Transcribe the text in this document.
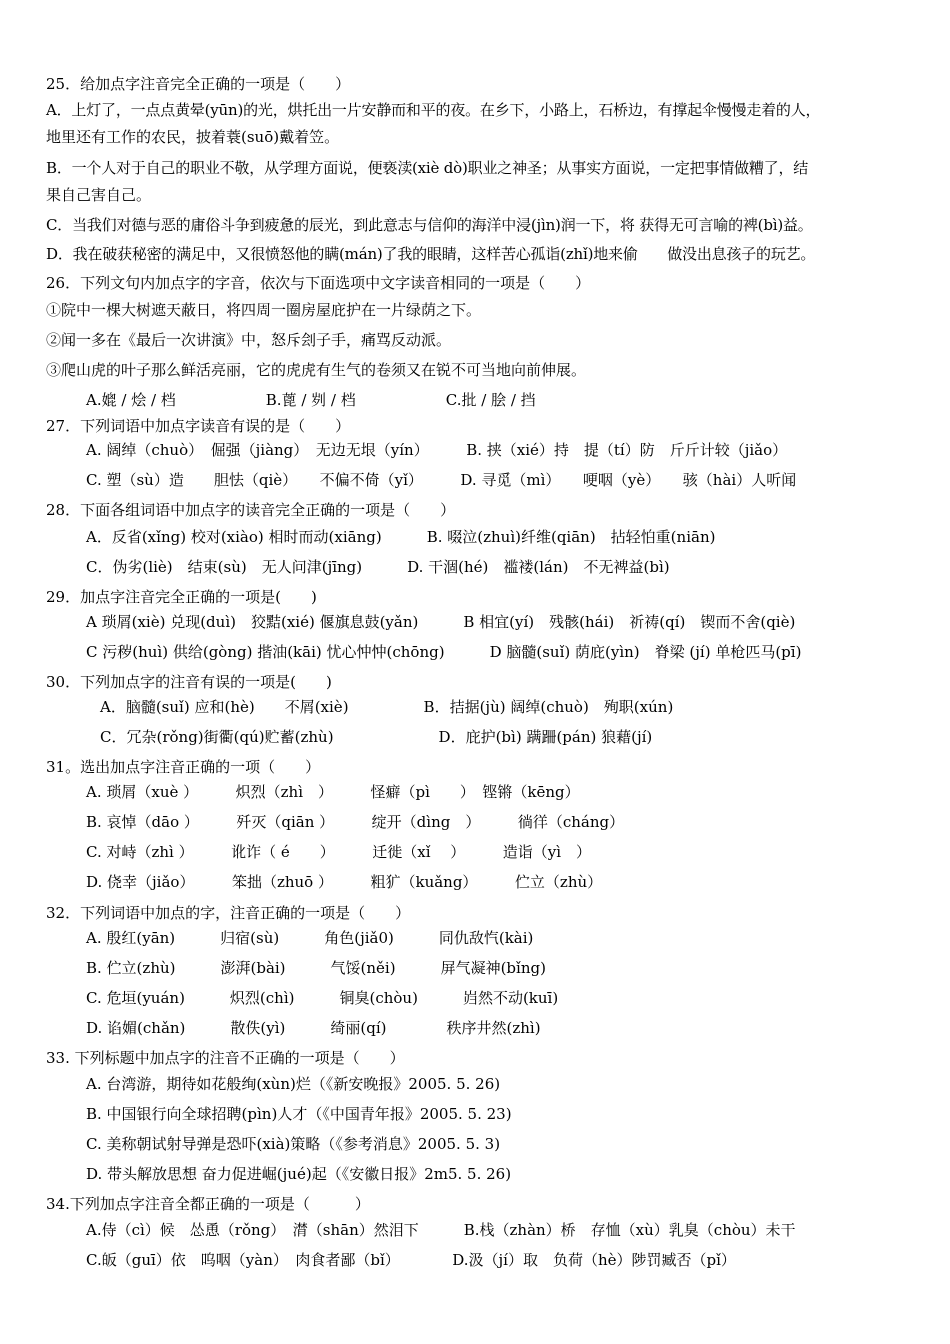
25．给加点字注音完全正确的一项是（　　）
A．上灯了，一点点黄晕(yūn)的光，烘托出一片安静而和平的夜。在乡下，小路上，石桥边，有撑起伞慢慢走着的人，
地里还有工作的农民，披着蓑(suō)戴着笠。
B．一个人对于自己的职业不敬，从学理方面说，便亵渎(xiè dò)职业之神圣；从事实方面说，一定把事情做糟了，结
果自己害自己。
C．当我们对德与恶的庸俗斗争到疲惫的辰光，到此意志与信仰的海洋中浸(jìn)润一下，将 获得无可言喻的裨(bì)益。
D．我在破获秘密的满足中，又很愤怒他的瞒(mán)了我的眼睛，这样苦心孤诣(zhǐ)地来偷　　做没出息孩子的玩艺。
26．下列文句内加点字的字音，依次与下面选项中文字读音相同的一项是（　　）
①院中一棵大树遮天蔽日，将四周一圈房屋庇护在一片绿荫之下。
②闻一多在《最后一次讲演》中，怒斥刽子手，痛骂反动派。
③爬山虎的叶子那么鲜活亮丽，它的虎虎有生气的卷须又在锐不可当地向前伸展。
A.媲 / 烩 / 档　　　　　　B.蓖 / 刿 / 档　　　　　　C.批 / 脍 / 挡
27．下列词语中加点字读音有误的是（　　）
A. 阔绰（chuò）　倔强（jiàng）　无边无垠（yín）　　　B. 挟（xié）持　提（tí）防　斤斤计较（jiǎo）
C. 塑（sù）造　　胆怯（qiè）　　不偏不倚（yǐ）　　　D. 寻觅（mì）　　哽咽（yè）　　骇（hài）人听闻
28．下面各组词语中加点字的读音完全正确的一项是（　　）
A．反省(xǐng) 校对(xiào) 相时而动(xiāng)　　　B. 啜泣(zhuì)纤维(qiān)　拈轻怕重(niān)
C．伪劣(liè)　结束(sù)　无人问津(jīng)　　　D. 干涸(hé)　褴褛(lán)　不无裨益(bì)
29．加点字注音完全正确的一项是(　　)
A 琐屑(xiè) 兑现(duì)　狡黠(xié) 偃旗息鼓(yǎn)　　　B 相宜(yí)　残骸(hái)　祈祷(qí)　锲而不舍(qiè)
C 污秽(huì) 供给(gòng) 揩油(kāi) 忧心忡忡(chōng)　　　D 脑髓(suǐ) 荫庇(yìn)　脊梁 (jí) 单枪匹马(pī)
30．下列加点字的注音有误的一项是(　　)
A．脑髓(suǐ) 应和(hè)　　不屑(xiè)　　　　　B．拮据(jù) 阔绰(chuò)　殉职(xún)
C．冗杂(rǒng)街衢(qú)贮蓄(zhù)　　　　　　　D．庇护(bì) 蹒跚(pán) 狼藉(jí)
31。选出加点字注音正确的一项（　　）
A. 琐屑（xuè ）　　　炽烈（zhì　）　　　怪癖（pì　　）　铿锵（kēng）
B. 哀悼（dāo ）　　　歼灭（qiān ）　　　绽开（dìng　）　　　徜徉（cháng）
C. 对峙（zhì ）　　　讹诈（ é　　）　　　迁徙（xǐ　 ）　　　造诣（yì　）
D. 侥幸（jiǎo）　　　笨拙（zhuō ）　　　粗犷（kuǎng）　　　伫立（zhù）
32．下列词语中加点的字，注音正确的一项是（　　）
A. 殷红(yān)　　　归宿(sù)　　　角色(jiǎ0)　　　同仇敌忾(kài)
B. 伫立(zhù)　　　澎湃(bài)　　　气馁(něi)　　　屏气凝神(bǐng)
C. 危垣(yuán)　　　炽烈(chì)　　　铜臭(chòu)　　　岿然不动(kuī)
D. 谄媚(chǎn)　　　散佚(yì)　　　绮丽(qí)　　　　秩序井然(zhì)
33. 下列标题中加点字的注音不正确的一项是（　　）
A. 台湾游，期待如花般绚(xùn)烂（《新安晚报》2005. 5. 26)
B. 中国银行向全球招聘(pìn)人才（《中国青年报》2005. 5. 23)
C. 美称朝试射导弹是恐吓(xià)策略（《参考消息》2005. 5. 3)
D. 带头解放思想 奋力促进崛(jué)起（《安徽日报》2m5. 5. 26)
34.下列加点字注音全都正确的一项是（　　　）
A.侍（cì）候　怂恿（rǒng）　潸（shān）然泪下　　　B.栈（zhàn）桥　存恤（xù）乳臭（chòu）未干
C.皈（guī）依　呜咽（yàn）　肉食者鄙（bǐ）　　　　D.汲（jí）取　负荷（hè）陟罚臧否（pǐ）
